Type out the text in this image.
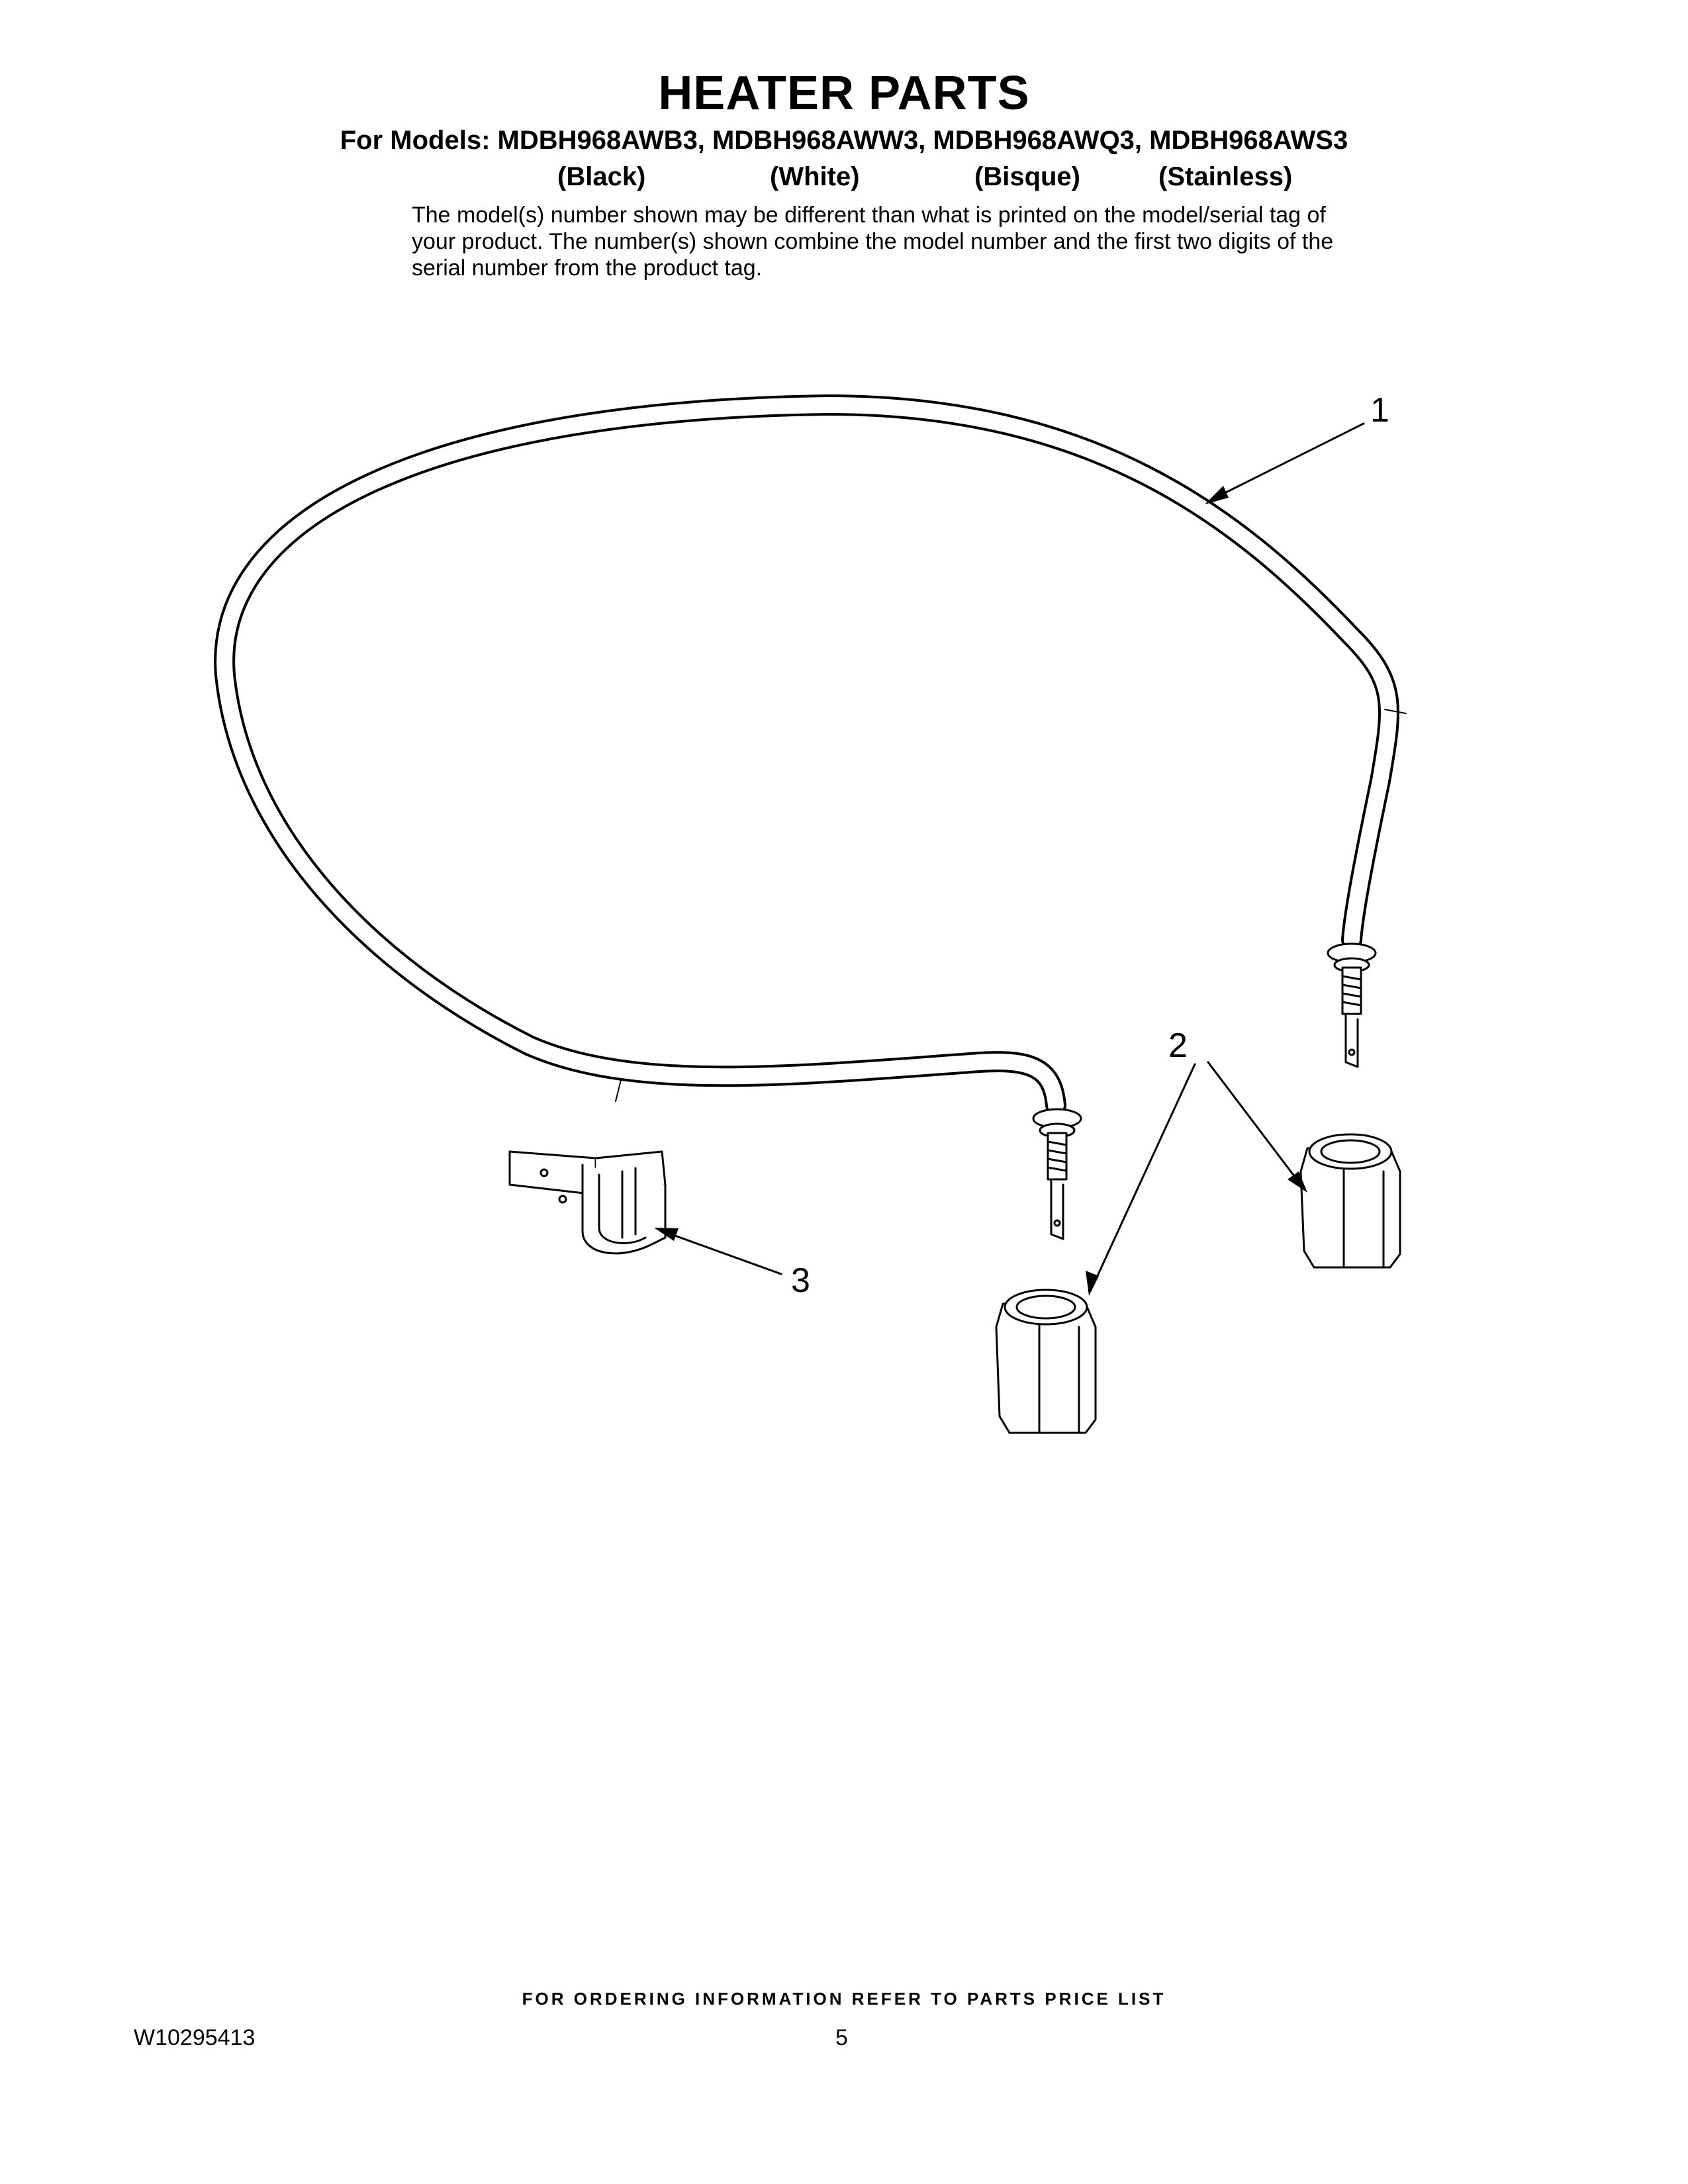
HEATER PARTS
For Models: MDBH968AWB3, MDBH968AWW3, MDBH968AWQ3, MDBH968AWS3
(Black)	(White)	(Bisque)	(Stainless)
The model(s) number shown may be different than what is printed on the model/serial tag of your product. The number(s) shown combine the model number and the first two digits of the serial number from the product tag.
1
2
3
FOR ORDERING INFORMATION REFER TO PARTS PRICE LIST
W10295413	5
